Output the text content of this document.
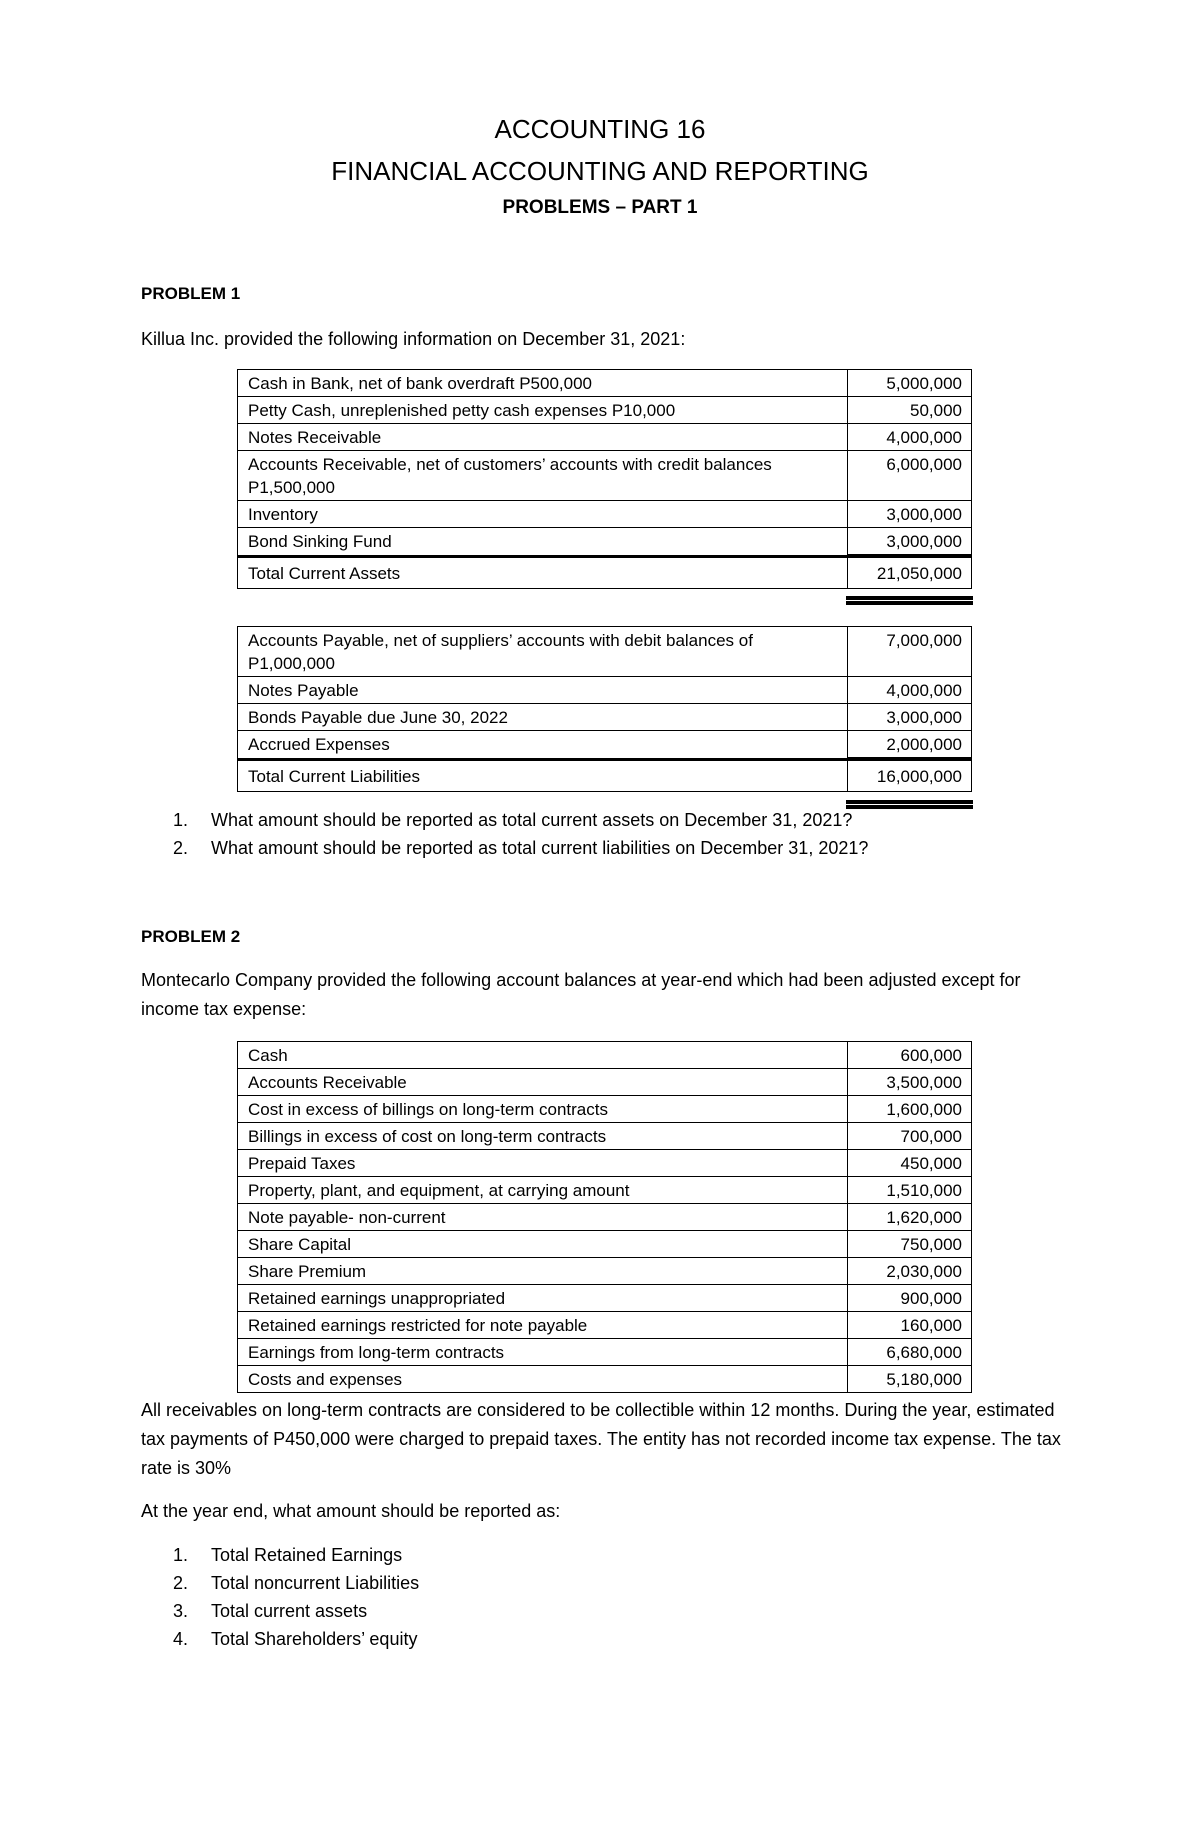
ACCOUNTING 16
FINANCIAL ACCOUNTING AND REPORTING
PROBLEMS – PART 1
PROBLEM 1
Killua Inc. provided the following information on December 31, 2021:
Cash in Bank, net of bank overdraft P500,000	5,000,000
Petty Cash, unreplenished petty cash expenses P10,000	50,000
Notes Receivable	4,000,000
Accounts Receivable, net of customers’ accounts with credit balances P1,500,000	6,000,000
Inventory	3,000,000
Bond Sinking Fund	3,000,000
Total Current Assets	21,050,000
Accounts Payable, net of suppliers’ accounts with debit balances of P1,000,000	7,000,000
Notes Payable	4,000,000
Bonds Payable due June 30, 2022	3,000,000
Accrued Expenses	2,000,000
Total Current Liabilities	16,000,000
1. What amount should be reported as total current assets on December 31, 2021?
2. What amount should be reported as total current liabilities on December 31, 2021?
PROBLEM 2
Montecarlo Company provided the following account balances at year-end which had been adjusted except for income tax expense:
Cash	600,000
Accounts Receivable	3,500,000
Cost in excess of billings on long-term contracts	1,600,000
Billings in excess of cost on long-term contracts	700,000
Prepaid Taxes	450,000
Property, plant, and equipment, at carrying amount	1,510,000
Note payable- non-current	1,620,000
Share Capital	750,000
Share Premium	2,030,000
Retained earnings unappropriated	900,000
Retained earnings restricted for note payable	160,000
Earnings from long-term contracts	6,680,000
Costs and expenses	5,180,000
All receivables on long-term contracts are considered to be collectible within 12 months. During the year, estimated tax payments of P450,000 were charged to prepaid taxes. The entity has not recorded income tax expense. The tax rate is 30%
At the year end, what amount should be reported as:
1. Total Retained Earnings
2. Total noncurrent Liabilities
3. Total current assets
4. Total Shareholders’ equity
